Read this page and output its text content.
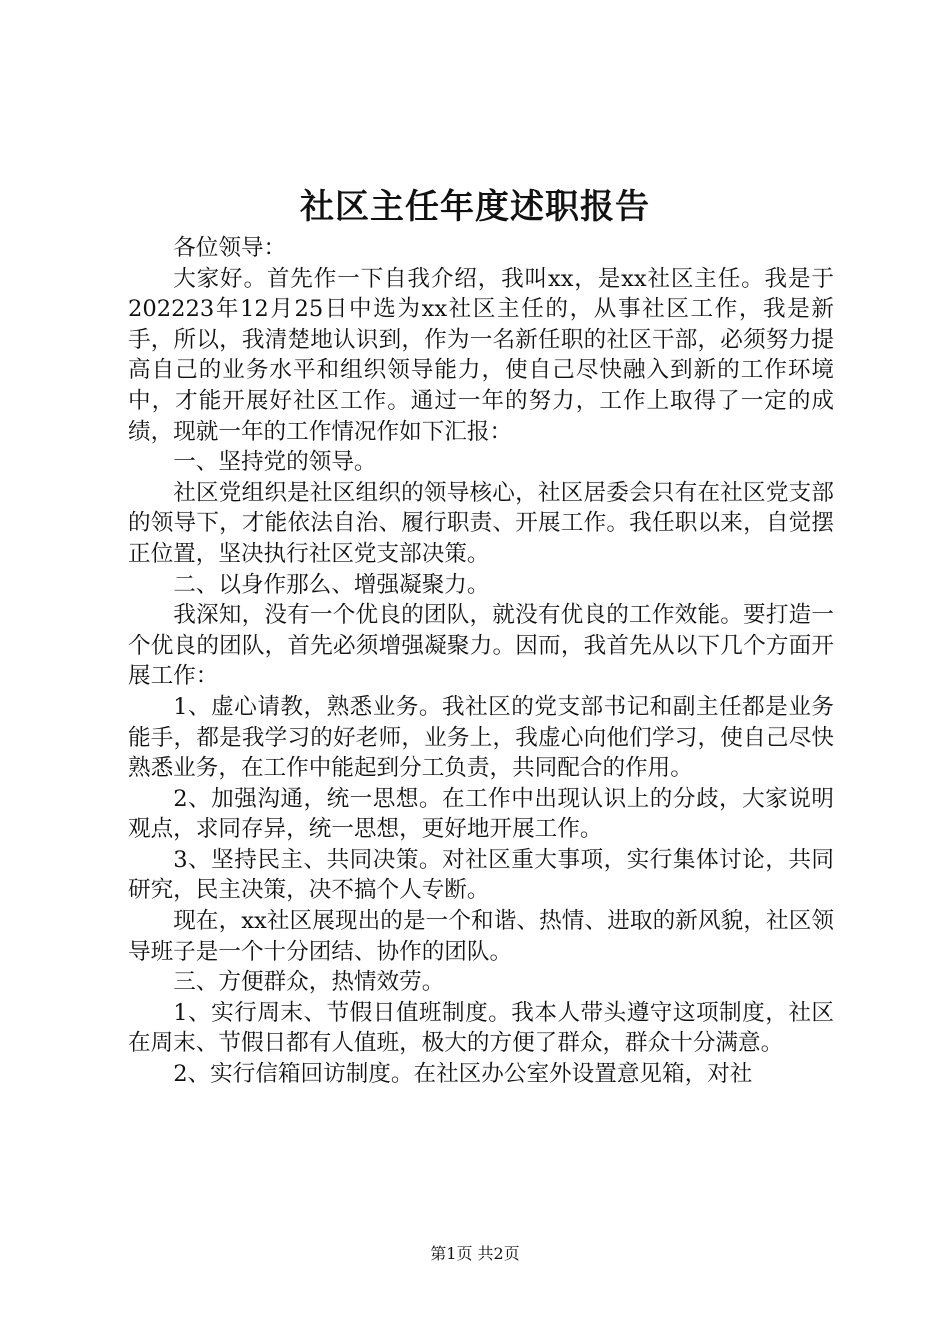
社区主任年度述职报告

各位领导：

大家好。首先作一下自我介绍，我叫xx，是xx社区主任。我是于202223年12月25日中选为xx社区主任的，从事社区工作，我是新手，所以，我清楚地认识到，作为一名新任职的社区干部，必须努力提高自己的业务水平和组织领导能力，使自己尽快融入到新的工作环境中，才能开展好社区工作。通过一年的努力，工作上取得了一定的成绩，现就一年的工作情况作如下汇报：

一、坚持党的领导。

社区党组织是社区组织的领导核心，社区居委会只有在社区党支部的领导下，才能依法自治、履行职责、开展工作。我任职以来，自觉摆正位置，坚决执行社区党支部决策。

二、以身作那么、增强凝聚力。

我深知，没有一个优良的团队，就没有优良的工作效能。要打造一个优良的团队，首先必须增强凝聚力。因而，我首先从以下几个方面开展工作：

1、虚心请教，熟悉业务。我社区的党支部书记和副主任都是业务能手，都是我学习的好老师，业务上，我虚心向他们学习，使自己尽快熟悉业务，在工作中能起到分工负责，共同配合的作用。

2、加强沟通，统一思想。在工作中出现认识上的分歧，大家说明观点，求同存异，统一思想，更好地开展工作。

3、坚持民主、共同决策。对社区重大事项，实行集体讨论，共同研究，民主决策，决不搞个人专断。

现在，xx社区展现出的是一个和谐、热情、进取的新风貌，社区领导班子是一个十分团结、协作的团队。

三、方便群众，热情效劳。

1、实行周末、节假日值班制度。我本人带头遵守这项制度，社区在周末、节假日都有人值班，极大的方便了群众，群众十分满意。

2、实行信箱回访制度。在社区办公室外设置意见箱，对社

第1页 共2页
